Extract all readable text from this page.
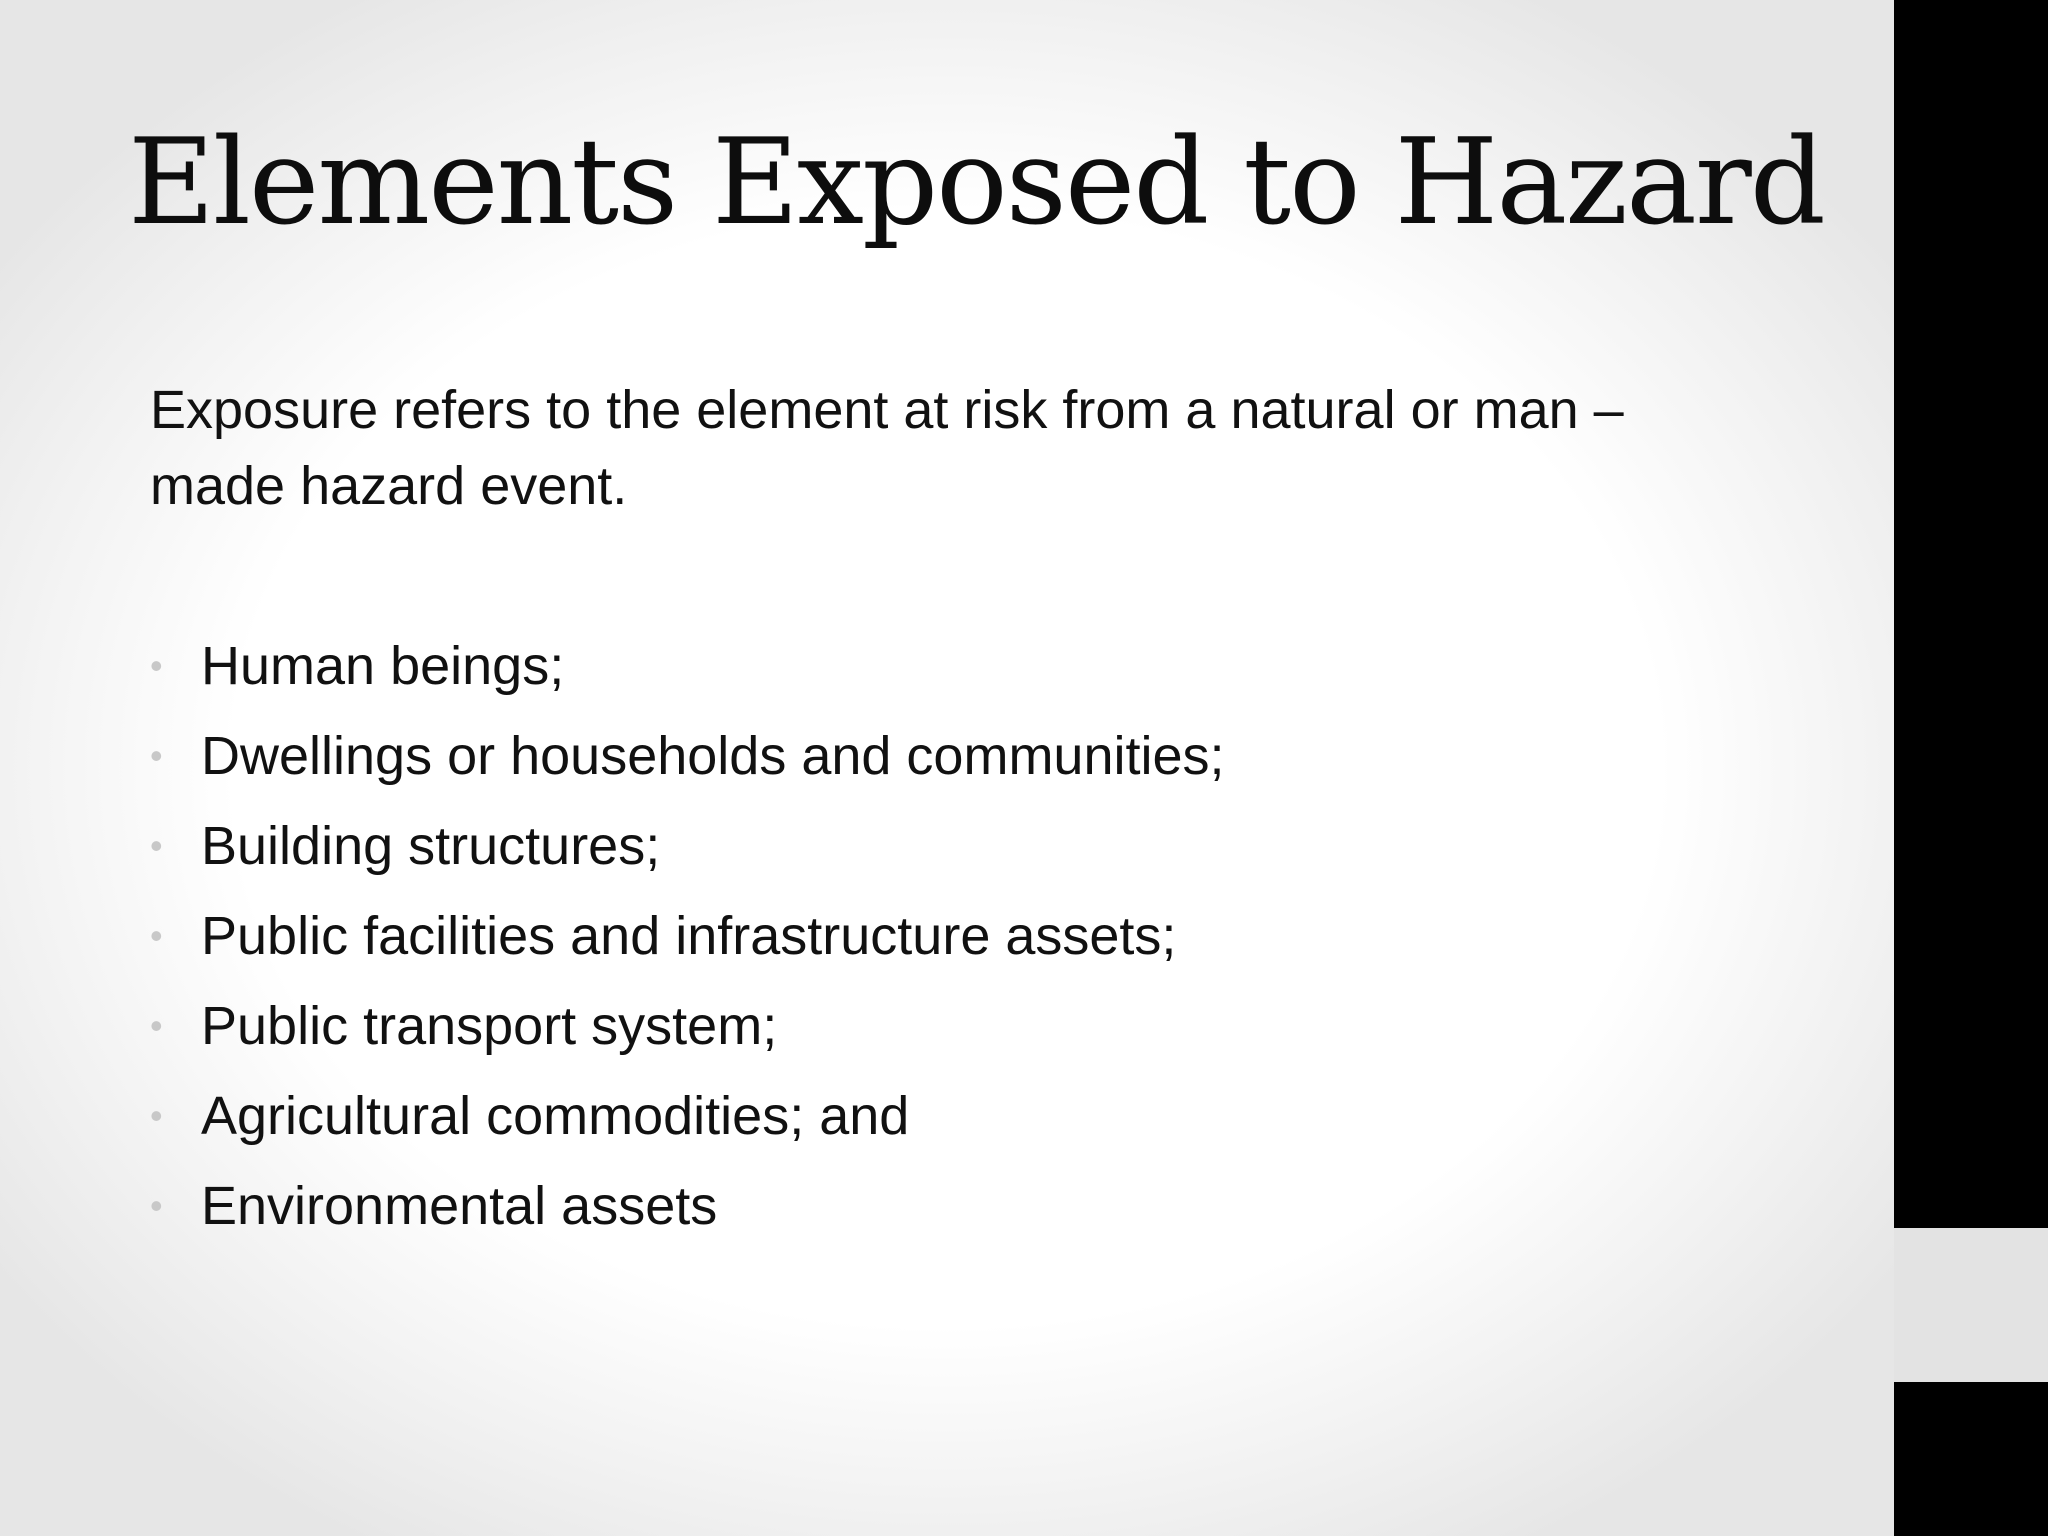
Elements Exposed to Hazard

Exposure refers to the element at risk from a natural or man –
made hazard event.

• Human beings;
• Dwellings or households and communities;
• Building structures;
• Public facilities and infrastructure assets;
• Public transport system;
• Agricultural commodities; and
• Environmental assets
